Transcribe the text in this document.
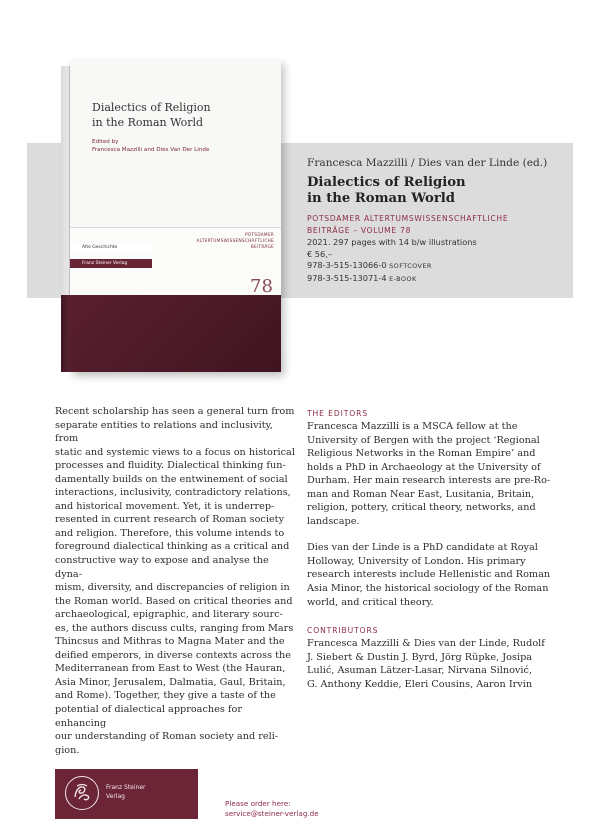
Dialectics of Religion
in the Roman World
Edited by
Francesca Mazzilli and Dies Van Der Linde
Alte Geschichte
Franz Steiner Verlag
POTSDAMER
ALTERTUMSWISSENSCHAFTLICHE
BEITRÄGE
78
Francesca Mazzilli / Dies van der Linde (ed.)
Dialectics of Religion
in the Roman World
POTSDAMER ALTERTUMSWISSENSCHAFTLICHE
BEITRÄGE – VOLUME 78
2021. 297 pages with 14 b/w illustrations
€ 56,–
978-3-515-13066-0 SOFTCOVER
978-3-515-13071-4 E-BOOK
Recent scholarship has seen a general turn from
separate entities to relations and inclusivity, from
static and systemic views to a focus on historical
processes and fluidity. Dialectical thinking fun-
damentally builds on the entwinement of social
interactions, inclusivity, contradictory relations,
and historical movement. Yet, it is underrep-
resented in current research of Roman society
and religion. Therefore, this volume intends to
foreground dialectical thinking as a critical and
constructive way to expose and analyse the dyna-
mism, diversity, and discrepancies of religion in
the Roman world. Based on critical theories and
archaeological, epigraphic, and literary sourc-
es, the authors discuss cults, ranging from Mars
Thincsus and Mithras to Magna Mater and the
deified emperors, in diverse contexts across the
Mediterranean from East to West (the Hauran,
Asia Minor, Jerusalem, Dalmatia, Gaul, Britain,
and Rome). Together, they give a taste of the
potential of dialectical approaches for enhancing
our understanding of Roman society and reli-
gion.
THE EDITORS
Francesca Mazzilli is a MSCA fellow at the
University of Bergen with the project ‘Regional
Religious Networks in the Roman Empire’ and
holds a PhD in Archaeology at the University of
Durham. Her main research interests are pre-Ro-
man and Roman Near East, Lusitania, Britain,
religion, pottery, critical theory, networks, and
landscape.
Dies van der Linde is a PhD candidate at Royal
Holloway, University of London. His primary
research interests include Hellenistic and Roman
Asia Minor, the historical sociology of the Roman
world, and critical theory.
CONTRIBUTORS
Francesca Mazzilli & Dies van der Linde, Rudolf
J. Siebert & Dustin J. Byrd, Jörg Rüpke, Josipa
Lulić, Asuman Lätzer-Lasar, Nirvana Silnović,
G. Anthony Keddie, Eleri Cousins, Aaron Irvin
Franz Steiner
Verlag
Please order here:
service@steiner-verlag.de
